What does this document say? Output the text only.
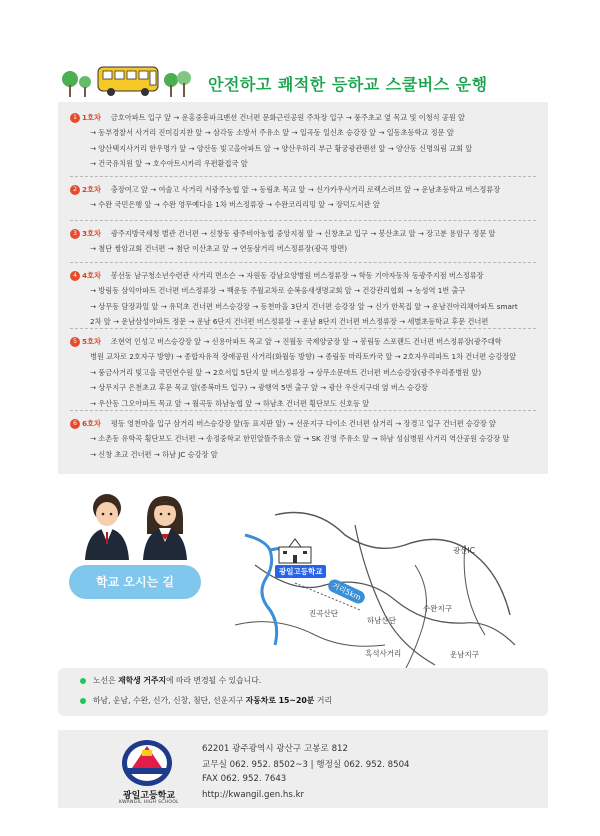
안전하고 쾌적한 등하교 스쿨버스 운행

1 1호차 금호아파트 입구 앞 → 운홍중흥파크맨션 건너편 문화근린공원 주차장 입구 → 풍주초교 옆 목교 및 이청식 공원 앞

→ 동부경찰서 사거리 진미김지찬 앞 → 삼각동 소방서 주유소 앞 → 일곡동 일신초 승강장 앞 → 일동초등학교 정문 앞

→ 양산택지사거리 한우명가 앞 → 양산동 빛고을아파트 앞 → 양산우하리 부근 황궁광관팬션 앞 → 양산동 신명의림 교회 앞

→ 건국유치원 앞 → 호수아트시카리 우편환접국 앞

2 2호차 충장여고 앞 → 여술고 사거리 서광주농협 앞 → 동림초 목교 앞 → 신가카우사거리 로렉스러브 앞 → 운남초등학교 버스정류장

→ 수완 국민은행 앞 → 수완 영무예다음 1차 버스정류장 → 수완코리리밍 앞 → 장덕도서관 앞

3 3호차 광주지방국세청 별관 건너편 → 신창동 광주비아농협 중앙지점 앞 → 신창초교 입구 → 봉산초교 앞 → 장고분 용암구 정문 앞

→ 첨단 쌍암교회 건너편 → 첨단 이산초교 앞 → 연동삼거리 버스정류장(광곡 방면)

4 4호차 봉선동 남구청소년수련관 사거리 면소슨 → 자원동 강남요양병원 버스정류장 → 학동 기아자동차 동광주지점 버스정류장

→ 방림동 삼익아파트 건너편 버스정류장 → 백운동 주월교차로 순복음새생명교회 앞 → 건강관리협회 → 농성역 1번 출구

→ 상무동 담장과일 앞 → 유덕초 건너편 버스승강장 → 동천마을 3단지 건너편 승강장 앞 → 신가 한목집 앞 → 운남진아리채아파트 smart

2차 앞 → 운남삼성아파트 정문 → 운남 6단지 건너편 버스정류장 → 운남 8단지 건너편 버스정류장 → 세별초등학교 후문 건너편

5 5호차 조현역 인성고 버스승강장 앞 → 신용아파트 목교 앞 → 진월동 국제양궁장 앞 → 봉림동 스포랜드 건너편 버스정류장(광주대학

병원 교차로 2호자구 방향) → 종합자유적 장애공원 사거리(화월동 방향) → 종림동 마라토카국 앞 → 2호자우리파트 1차 건너편 승강장앞

→ 풍금사거리 빛고을 국민연수원 앞 → 2호서입 5단지 앞 버스정류장 → 상무소문마트 건너편 버스승강장(광주우리종병원 앞)

→ 상무지구 은천초교 후문 목교 앞(종복마트 입구) → 광행역 5번 출구 앞 → 광산 우산지구대 옆 버스 승강장

→ 우산동 그오아파트 목교 앞 → 월곡동 하남농협 앞 → 하남초 건너편 횡단보도 신호등 앞

6 6호차 평동 영천마을 입구 삼거리 버스승강장 앞(동 표지판 앞) → 선운지구 다이소 건너편 삼거리 → 장경고 입구 건너편 승강장 앞

→ 소촌동 유학곡 횡단보도 건너편 → 송정중학교 한민알뜰주유소 앞 → SK 진영 주유소 앞 → 하남 성심병원 사거리 역산공원 승강장 앞

→ 신창 초교 건너편 → 하남 JC 승강장 앞

학교 오시는 길
광일고등학교
거리5km
광산IC
진곡산단
수완지구
하남산단
흑석사거리	운남지구
노선은 재학생 거주지에 따라 변경될 수 있습니다.
하남, 운남, 수완, 신가, 신창, 첨단, 선운지구 자동차로 15~20분 거리
광일고등학교
KWANGIL HIGH SCHOOL
62201 광주광역시 광산구 고봉로 812
교무실 062. 952. 8502~3 | 행정실 062. 952. 8504
FAX 062. 952. 7643
http://kwangil.gen.hs.kr
